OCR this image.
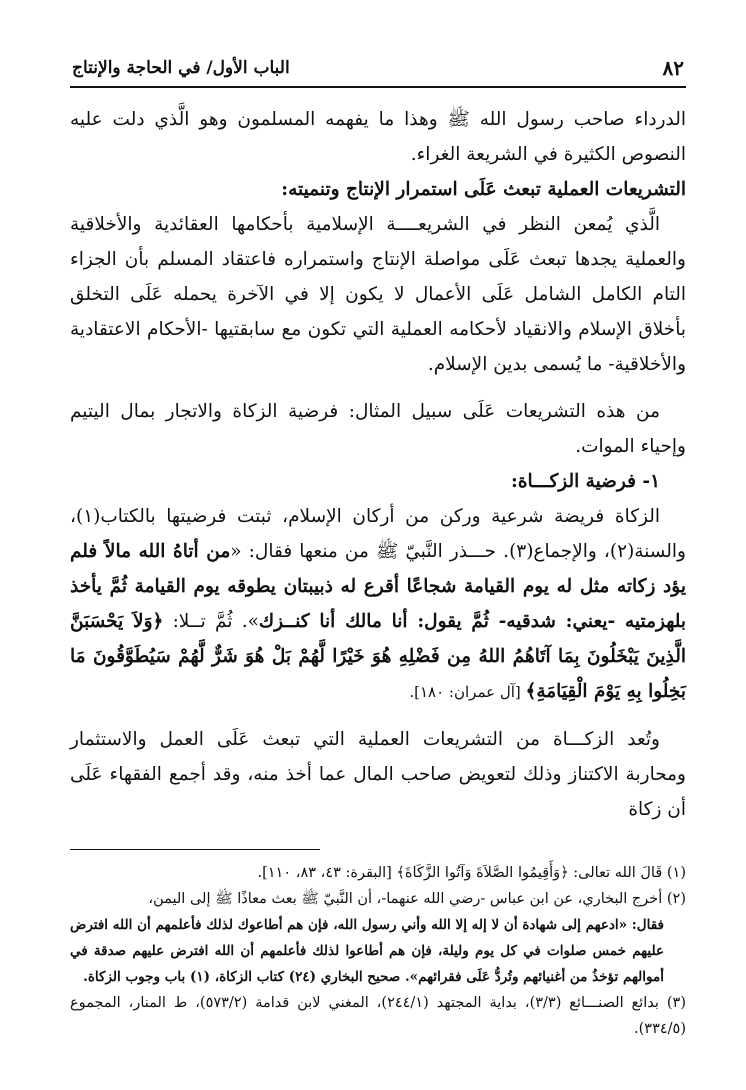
٨٢
الباب الأول/ في الحاجة والإنتاج

الدرداء صاحب رسول الله ﷺ وهذا ما يفهمه المسلمون وهو الَّذي دلت عليه النصوص الكثيرة في الشريعة الغراء.

التشريعات العملية تبعث عَلَى استمرار الإنتاج وتنميته:

الَّذي يُمعن النظر في الشريعــــة الإسلامية بأحكامها العقائدية والأخلاقية والعملية يجدها تبعث عَلَى مواصلة الإنتاج واستمراره فاعتقاد المسلم بأن الجزاء التام الكامل الشامل عَلَى الأعمال لا يكون إلا في الآخرة يحمله عَلَى التخلق بأخلاق الإسلام والانقياد لأحكامه العملية التي تكون مع سابقتيها -الأحكام الاعتقادية والأخلاقية- ما يُسمى بدين الإسلام.

من هذه التشريعات عَلَى سبيل المثال: فرضية الزكاة والاتجار بمال اليتيم وإحياء الموات.

١- فرضية الزكـــاة:

الزكاة فريضة شرعية وركن من أركان الإسلام، ثبتت فرضيتها بالكتاب(١)، والسنة(٢)، والإجماع(٣). حـــذر النَّبيّ ﷺ من منعها فقال: «من أتاهُ الله مالاً فلم يؤد زكاته مثل له يوم القيامة شجاعًا أقرع له ذبيبتان يطوقه يوم القيامة ثُمَّ يأخذ بلهزمتيه -يعني: شدقيه- ثُمَّ يقول: أنا مالك أنا كنــزك». ثُمَّ تــلا: ﴿وَلاَ يَحْسَبَنَّ الَّذِينَ يَبْخَلُونَ بِمَا آتَاهُمُ اللهُ مِن فَضْلِهِ هُوَ خَيْرًا لَّهُمْ بَلْ هُوَ شَرٌّ لَّهُمْ سَيُطَوَّقُونَ مَا بَخِلُوا بِهِ يَوْمَ الْقِيَامَةِ﴾ [آل عمران: ١٨٠].

وتُعد الزكـــاة من التشريعات العملية التي تبعث عَلَى العمل والاستثمار ومحاربة الاكتناز وذلك لتعويض صاحب المال عما أخذ منه، وقد أجمع الفقهاء عَلَى أن زكاة

(١) قَالَ الله تعالى: ﴿وَأَقِيمُوا الصَّلاَةَ وَآتُوا الزَّكَاةَ﴾ [البقرة: ٤٣، ٨٣، ١١٠].

(٢) أخرج البخاري، عن ابن عباس -رضي الله عنهما-، أن النَّبيّ ﷺ بعث معاذًا ﷺ إلى اليمن،

فقال: «ادعهم إلى شهادة أن لا إله إلا الله وأني رسول الله، فإن هم أطاعوك لذلك فأعلمهم أن الله افترض عليهم خمس صلوات في كل يوم وليلة، فإن هم أطاعوا لذلك فأعلمهم أن الله افترض عليهم صدقة في أموالهم تؤخذُ من أغنيائهم وتُردُّ عَلَى فقرائهم». صحيح البخاري (٢٤) كتاب الزكاة، (١) باب وجوب الزكاة.

(٣) بدائع الصنـــائع (٣/٣)، بداية المجتهد (٢٤٤/١)، المغني لابن قدامة (٥٧٣/٢)، ط المنار، المجموع (٣٣٤/٥).
